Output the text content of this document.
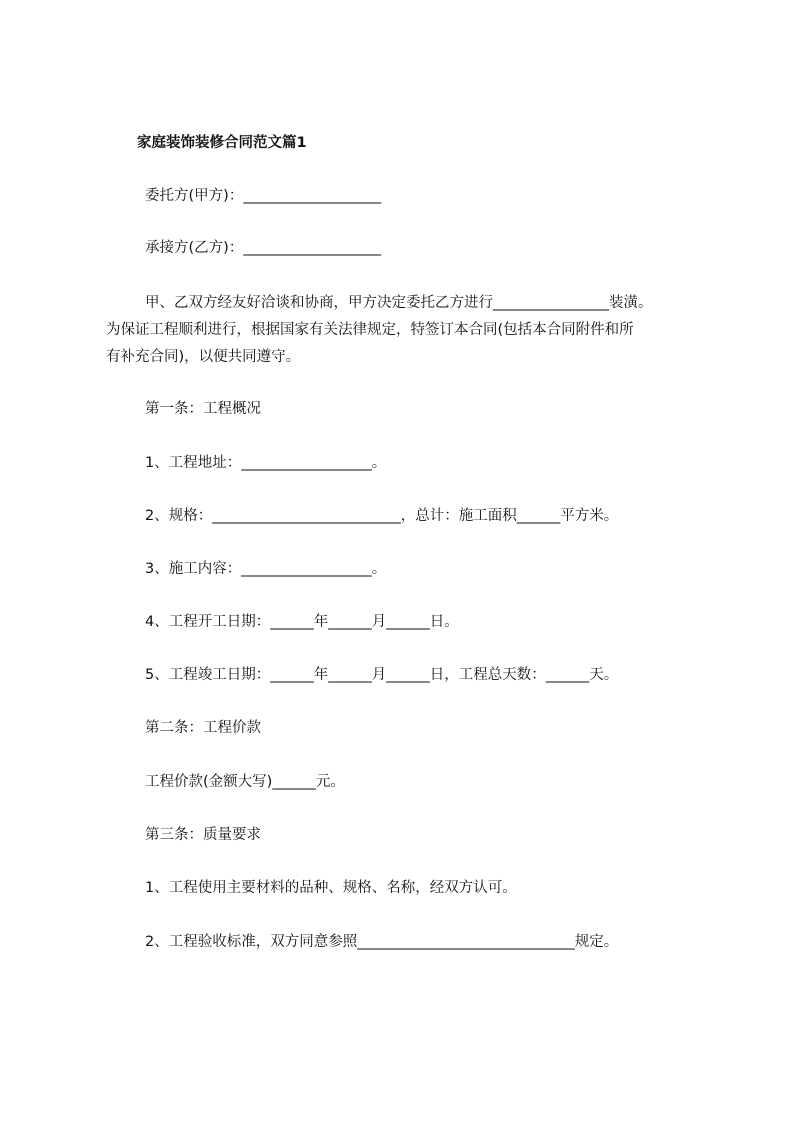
家庭装饰装修合同范文篇1
委托方(甲方)：___________________
承接方(乙方)：___________________
甲、乙双方经友好洽谈和协商，甲方决定委托乙方进行________________装潢。
为保证工程顺利进行，根据国家有关法律规定，特签订本合同(包括本合同附件和所
有补充合同)，以便共同遵守。
第一条：工程概况
1、工程地址：__________________。
2、规格：__________________________，总计：施工面积______平方米。
3、施工内容：__________________。
4、工程开工日期：______年______月______日。
5、工程竣工日期：______年______月______日，工程总天数：______天。
第二条：工程价款
工程价款(金额大写)______元。
第三条：质量要求
1、工程使用主要材料的品种、规格、名称，经双方认可。
2、工程验收标准，双方同意参照______________________________规定。
